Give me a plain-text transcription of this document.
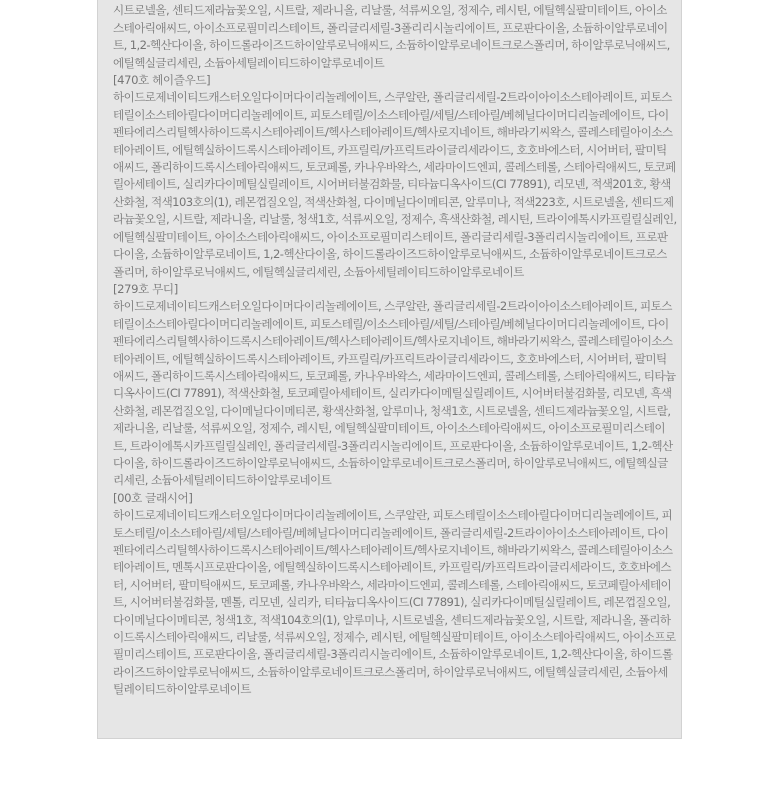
시트로넬올, 센티드제라늄꽃오일, 시트랄, 제라니올, 리날룰, 석류씨오일, 정제수, 레시틴, 에틸헥실팔미테이트, 아이소스테아릭애씨드, 아이소프로필미리스테이트, 폴리글리세릴-3폴리리시놀리에이트, 프로판다이올, 소듐하이알루로네이트, 1,2-헥산다이올, 하이드롤라이즈드하이알루로닉애씨드, 소듐하이알루로네이트크로스폴리머, 하이알루로닉애씨드, 에틸헥실글리세린, 소듐아세틸레이티드하이알루로네이트

[470호 헤이즐우드]

하이드로제네이티드캐스터오일다이머다이리놀레에이트, 스쿠알란, 폴리글리세릴-2트라이아이소스테아레이트, 피토스테릴이소스테아릴다이머디리놀레에이트, 피토스테릴/이소스테아릴/세틸/스테아릴/베헤닐다이머디리놀레에이트, 다이펜타에리스리틸헥사하이드록시스테아레이트/헥사스테아레이트/헥사로지네이트, 해바라기씨왁스, 콜레스테릴아이소스테아레이트, 에틸헥실하이드록시스테아레이트, 카프릴릭/카프릭트라이글리세라이드, 호호바에스터, 시어버터, 팔미틱애씨드, 폴리하이드록시스테아릭애씨드, 토코페롤, 카나우바왁스, 세라마이드엔피, 콜레스테롤, 스테아릭애씨드, 토코페릴아세테이트, 실리카다이메틸실릴레이트, 시어버터불검화물, 티타늄디옥사이드(CI 77891), 리모넨, 적색201호, 황색산화철, 적색103호의(1), 레몬껍질오일, 적색산화철, 다이메닐다이메티콘, 알루미나, 적색223호, 시트로넬올, 센티드제라늄꽃오일, 시트랄, 제라니올, 리날룰, 청색1호, 석류씨오일, 정제수, 흑색산화철, 레시틴, 트라이에톡시카프릴릴실레인, 에틸헥실팔미테이트, 아이소스테아릭애씨드, 아이소프로필미리스테이트, 폴리글리세릴-3폴리리시놀리에이트, 프로판다이올, 소듐하이알루로네이트, 1,2-헥산다이올, 하이드롤라이즈드하이알루로닉애씨드, 소듐하이알루로네이트크로스폴리머, 하이알루로닉애씨드, 에틸헥실글리세린, 소듐아세틸레이티드하이알루로네이트

[279호 무디]

하이드로제네이티드캐스터오일다이머다이리놀레에이트, 스쿠알란, 폴리글리세릴-2트라이아이소스테아레이트, 피토스테릴이소스테아릴다이머디리놀레에이트, 피토스테릴/이소스테아릴/세틸/스테아릴/베헤닐다이머디리놀레에이트, 다이펜타에리스리틸헥사하이드록시스테아레이트/헥사스테아레이트/헥사로지네이트, 해바라기씨왁스, 콜레스테릴아이소스테아레이트, 에틸헥실하이드록시스테아레이트, 카프릴릭/카프릭트라이글리세라이드, 호호바에스터, 시어버터, 팔미틱애씨드, 폴리하이드록시스테아릭애씨드, 토코페롤, 카나우바왁스, 세라마이드엔피, 콜레스테롤, 스테아릭애씨드, 티타늄디옥사이드(CI 77891), 적색산화철, 토코페릴아세테이트, 실리카다이메틸실릴레이트, 시어버터불검화물, 리모넨, 흑색산화철, 레몬껍질오일, 다이메닐다이메티콘, 황색산화철, 알루미나, 청색1호, 시트로넬올, 센티드제라늄꽃오일, 시트랄, 제라니올, 리날룰, 석류씨오일, 정제수, 레시틴, 에틸헥실팔미테이트, 아이소스테아릭애씨드, 아이소프로필미리스테이트, 트라이에톡시카프릴릴실레인, 폴리글리세릴-3폴리리시놀리에이트, 프로판다이올, 소듐하이알루로네이트, 1,2-헥산다이올, 하이드롤라이즈드하이알루로닉애씨드, 소듐하이알루로네이트크로스폴리머, 하이알루로닉애씨드, 에틸헥실글리세린, 소듐아세틸레이티드하이알루로네이트

[00호 글래시어]

하이드로제네이티드캐스터오일다이머다이리놀레에이트, 스쿠알란, 피토스테릴이소스테아릴다이머디리놀레에이트, 피토스테릴/이소스테아릴/세틸/스테아릴/베헤닐다이머디리놀레에이트, 폴리글리세릴-2트라이아이소스테아레이트, 다이펜타에리스리틸헥사하이드록시스테아레이트/헥사스테아레이트/헥사로지네이트, 해바라기씨왁스, 콜레스테릴아이소스테아레이트, 멘톡시프로판다이올, 에틸헥실하이드록시스테아레이트, 카프릴릭/카프릭트라이글리세라이드, 호호바에스터, 시어버터, 팔미틱애씨드, 토코페롤, 카나우바왁스, 세라마이드엔피, 콜레스테롤, 스테아릭애씨드, 토코페릴아세테이트, 시어버터불검화물, 멘톨, 리모넨, 실리카, 티타늄디옥사이드(CI 77891), 실리카다이메틸실릴레이트, 레몬껍질오일, 다이메닐다이메티콘, 청색1호, 적색104호의(1), 알루미나, 시트로넬올, 센티드제라늄꽃오일, 시트랄, 제라니올, 폴리하이드록시스테아릭애씨드, 리날룰, 석류씨오일, 정제수, 레시틴, 에틸헥실팔미테이트, 아이소스테아릭애씨드, 아이소프로필미리스테이트, 프로판다이올, 폴리글리세릴-3폴리리시놀리에이트, 소듐하이알루로네이트, 1,2-헥산다이올, 하이드롤라이즈드하이알루로닉애씨드, 소듐하이알루로네이트크로스폴리머, 하이알루로닉애씨드, 에틸헥실글리세린, 소듐아세틸레이티드하이알루로네이트
